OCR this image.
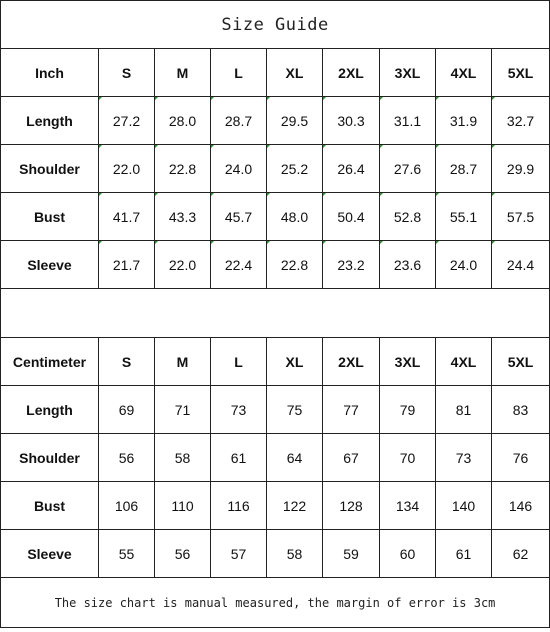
Size Guide								
Inch	S	M	L	XL	2XL	3XL	4XL	5XL
Length	27.2	28.0	28.7	29.5	30.3	31.1	31.9	32.7
Shoulder	22.0	22.8	24.0	25.2	26.4	27.6	28.7	29.9
Bust	41.7	43.3	45.7	48.0	50.4	52.8	55.1	57.5
Sleeve	21.7	22.0	22.4	22.8	23.2	23.6	24.0	24.4

Centimeter	S	M	L	XL	2XL	3XL	4XL	5XL
Length	69	71	73	75	77	79	81	83
Shoulder	56	58	61	64	67	70	73	76
Bust	106	110	116	122	128	134	140	146
Sleeve	55	56	57	58	59	60	61	62
The size chart is manual measured, the margin of error is 3cm								
